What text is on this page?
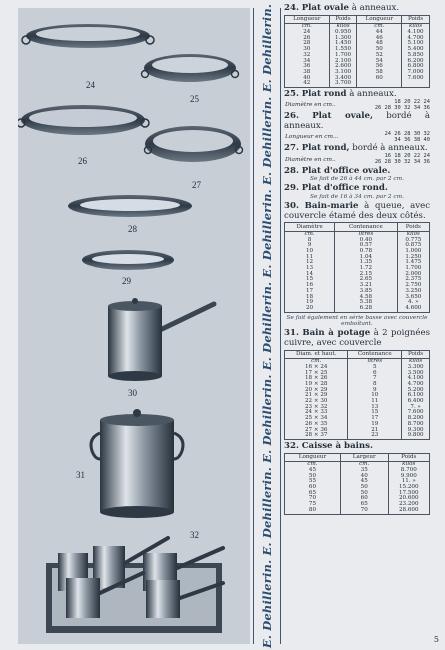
24
25
26
27
28
29
30
31
32	E. Dehillerin. E. Dehillerin. E. Dehillerin. E. Dehillerin. E. Dehillerin. E. Dehillerin. E. Dehillerin. 24. Plat ovale à anneaux.
Longueur	Poids	Longueur	Poids
cm.	kilos	cm.	kilos
24	0.950	44	4.100
26	1.300	46	4.700
28	1.450	48	5.100
30	1.550	50	5.400
32	1.700	52	5.850
34	2.100	54	6.200
36	2.600	56	6.800
38	3.100	58	7.000
40	3.400	60	7.600
42	3.700		
25. Plat rond à anneaux.
Diamètre en cm..
18 20 22 24
26 28 30 32 34 36
26. Plat ovale, bordé à anneaux.
Longueur en cm...
24 26 28 30 32
34 36 38 40
27. Plat rond, bordé à anneaux.
Diamètre en cm..
16 18 20 22 24
26 28 30 32 34 36
28. Plat d'office ovale.
Se fait de 26 à 44 cm. par 2 cm.
29. Plat d'office rond.
Se fait de 16 à 34 cm. par 2 cm.
30. Bain-marie à queue, avec couvercle étamé des deux côtés.
Diamètre	Contenance	Poids
cm.	litres	kilos
8	0.40	0.775
9	0.57	0.875
10	0.78	1.000
11	1.04	1.250
12	1.35	1.475
13	1.72	1.700
14	2.15	2.000
15	2.65	2.375
16	3.21	2.750
17	3.85	3.250
18	4.58	3.650
19	5.38	4. »
20	6.28	4.600
Se fait également en série basse avec couvercle emboîtant.
31. Bain à potage à 2 poignées cuivre, avec couvercle
Diam. et haut.	Contenance	Poids
cm.	litres	kilos
16 × 24	5	3.300
17 × 25	6	3.500
18 × 26	7	4.100
19 × 28	8	4.700
20 × 29	9	5.200
21 × 29	10	6.100
22 × 30	11	6.400
23 × 32	13	7. »
24 × 33	15	7.600
25 × 34	17	8.200
26 × 35	19	8.700
27 × 36	21	9.300
28 × 37	23	9.800
32. Caisse à bains.
Longueur	Largeur	Poids
cm.	cm.	kilos
45	35	8.700
50	40	9.900
55	45	11. »
60	50	15.200
65	50	17.500
70	60	20.600
75	65	23.200
80	70	28.600
5
